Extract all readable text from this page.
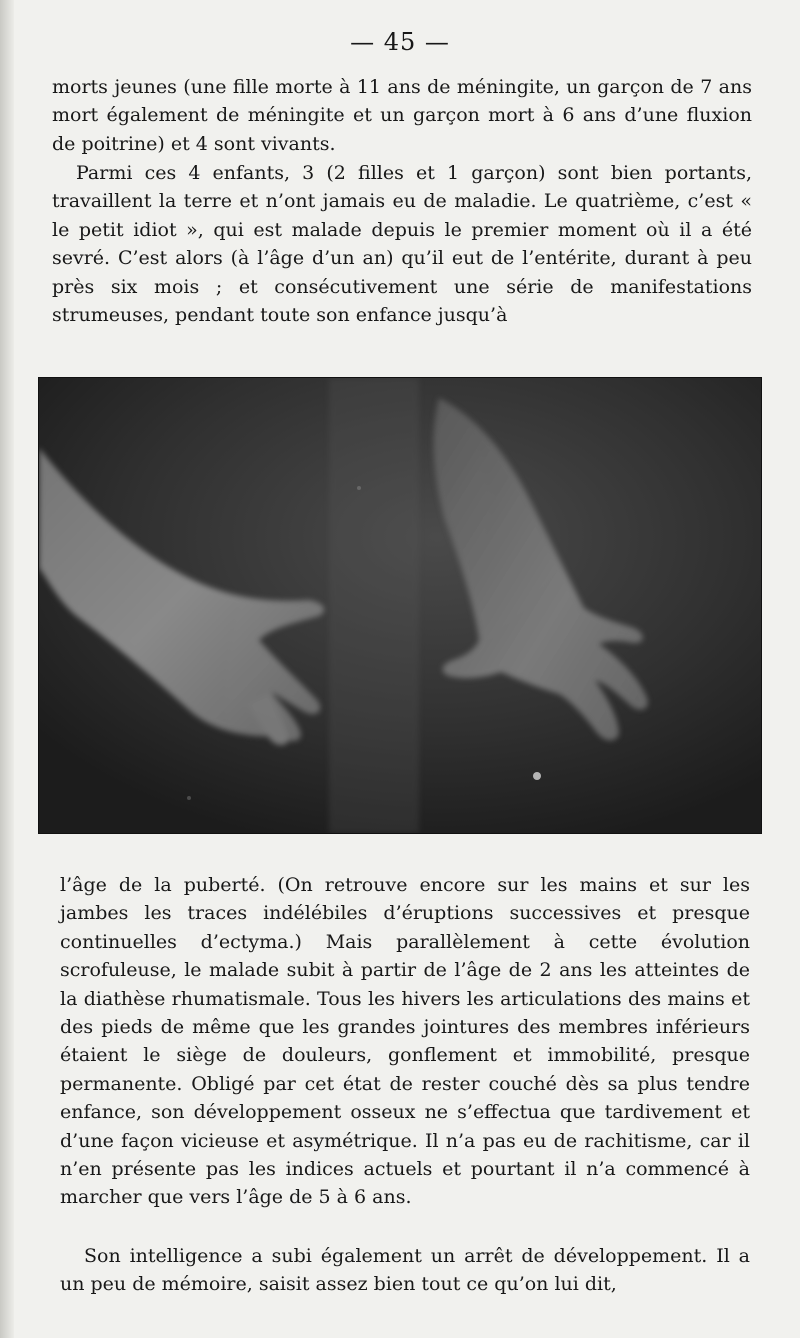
— 45 —

morts jeunes (une fille morte à 11 ans de méningite, un garçon de 7 ans mort également de méningite et un garçon mort à 6 ans d’une fluxion de poitrine) et 4 sont vivants.

Parmi ces 4 enfants, 3 (2 filles et 1 garçon) sont bien portants, travaillent la terre et n’ont jamais eu de maladie. Le quatrième, c’est « le petit idiot », qui est malade depuis le premier moment où il a été sevré. C’est alors (à l’âge d’un an) qu’il eut de l’entérite, durant à peu près six mois ; et consécutivement une série de manifestations strumeuses, pendant toute son enfance jusqu’à

l’âge de la puberté. (On retrouve encore sur les mains et sur les jambes les traces indélébiles d’éruptions successives et presque continuelles d’ectyma.) Mais parallèlement à cette évolution scrofuleuse, le malade subit à partir de l’âge de 2 ans les atteintes de la diathèse rhumatismale. Tous les hivers les articulations des mains et des pieds de même que les grandes jointures des membres inférieurs étaient le siège de douleurs, gonflement et immobilité, presque permanente. Obligé par cet état de rester couché dès sa plus tendre enfance, son développement osseux ne s’effectua que tardivement et d’une façon vicieuse et asymétrique. Il n’a pas eu de rachitisme, car il n’en présente pas les indices actuels et pourtant il n’a commencé à marcher que vers l’âge de 5 à 6 ans.

Son intelligence a subi également un arrêt de développement. Il a un peu de mémoire, saisit assez bien tout ce qu’on lui dit,
